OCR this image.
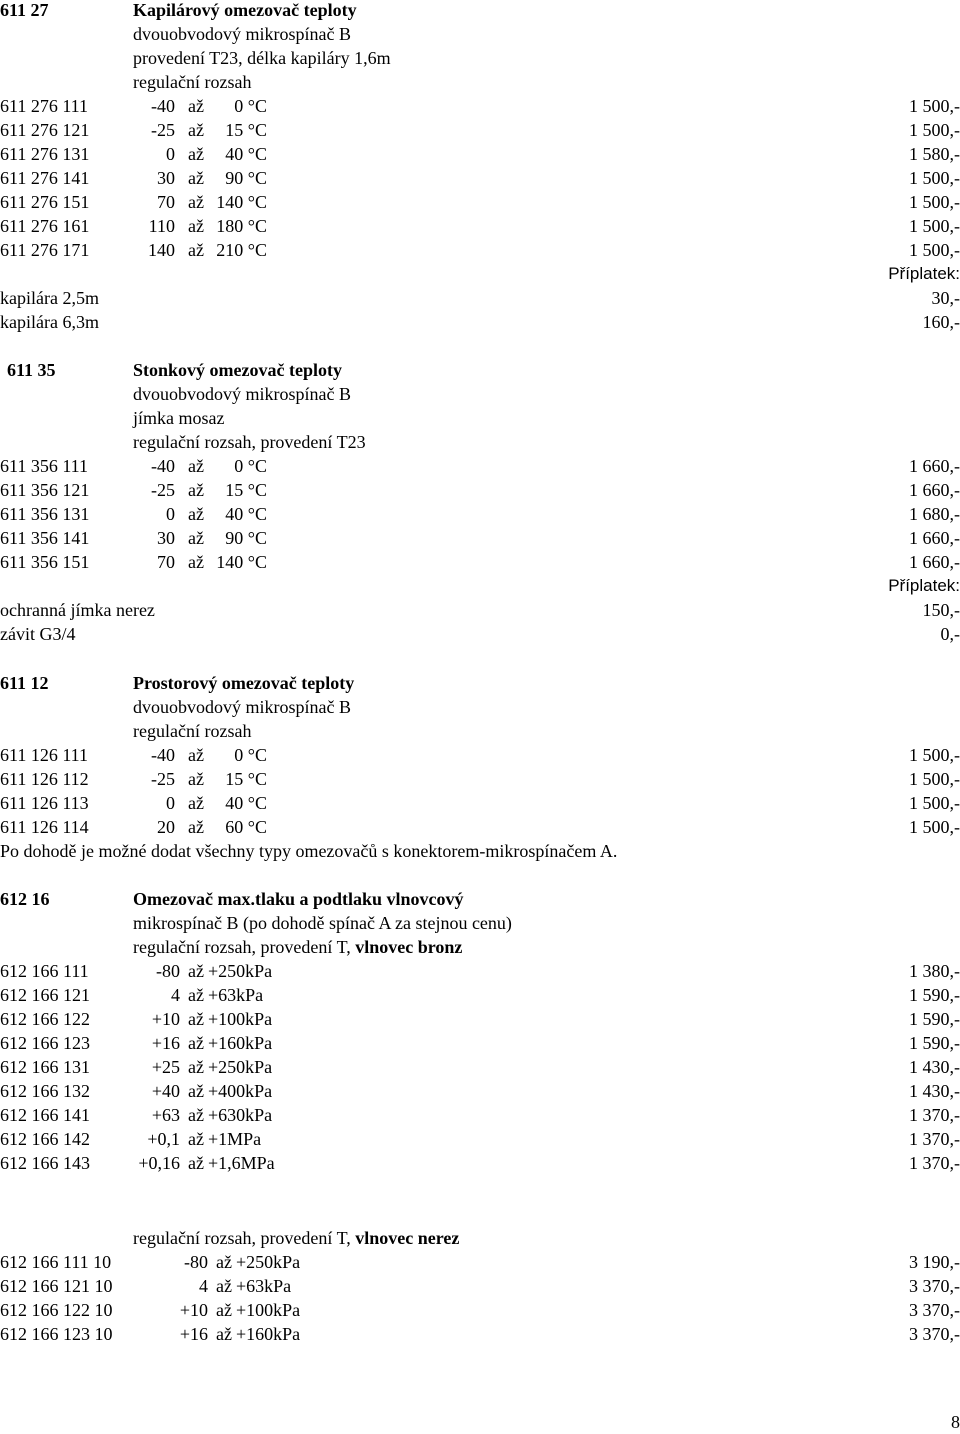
611 27	Kapilárový omezovač teploty
dvouobvodový mikrospínač B
provedení T23, délka kapiláry 1,6m
regulační rozsah
611 276 111	-40 až 0 °C	1 500,-
611 276 121	-25 až 15 °C	1 500,-
611 276 131	0 až 40 °C	1 580,-
611 276 141	30 až 90 °C	1 500,-
611 276 151	70 až 140 °C	1 500,-
611 276 161	110 až 180 °C	1 500,-
611 276 171	140 až 210 °C	1 500,-
Příplatek:
kapilára 2,5m	30,-
kapilára 6,3m	160,-
611 35	Stonkový omezovač teploty
dvouobvodový mikrospínač B
jímka mosaz
regulační rozsah, provedení T23
611 356 111	-40 až 0 °C	1 660,-
611 356 121	-25 až 15 °C	1 660,-
611 356 131	0 až 40 °C	1 680,-
611 356 141	30 až 90 °C	1 660,-
611 356 151	70 až 140 °C	1 660,-
Příplatek:
ochranná jímka nerez	150,-
závit G3/4	0,-
611 12	Prostorový omezovač teploty
dvouobvodový mikrospínač B
regulační rozsah
611 126 111	-40 až 0 °C	1 500,-
611 126 112	-25 až 15 °C	1 500,-
611 126 113	0 až 40 °C	1 500,-
611 126 114	20 až 60 °C	1 500,-
Po dohodě je možné dodat všechny typy omezovačů s konektorem-mikrospínačem A.
612 16	Omezovač max.tlaku a podtlaku vlnovcový
mikrospínač B (po dohodě spínač A za stejnou cenu)
regulační rozsah, provedení T, vlnovec bronz
612 166 111	-80 až +250kPa	1 380,-
612 166 121	4 až +63kPa	1 590,-
612 166 122	+10 až +100kPa	1 590,-
612 166 123	+16 až +160kPa	1 590,-
612 166 131	+25 až +250kPa	1 430,-
612 166 132	+40 až +400kPa	1 430,-
612 166 141	+63 až +630kPa	1 370,-
612 166 142	+0,1 až +1MPa	1 370,-
612 166 143	+0,16 až +1,6MPa	1 370,-
regulační rozsah, provedení T, vlnovec nerez
612 166 111 10	-80 až +250kPa	3 190,-
612 166 121 10	4 až +63kPa	3 370,-
612 166 122 10	+10 až +100kPa	3 370,-
612 166 123 10	+16 až +160kPa	3 370,-
8
